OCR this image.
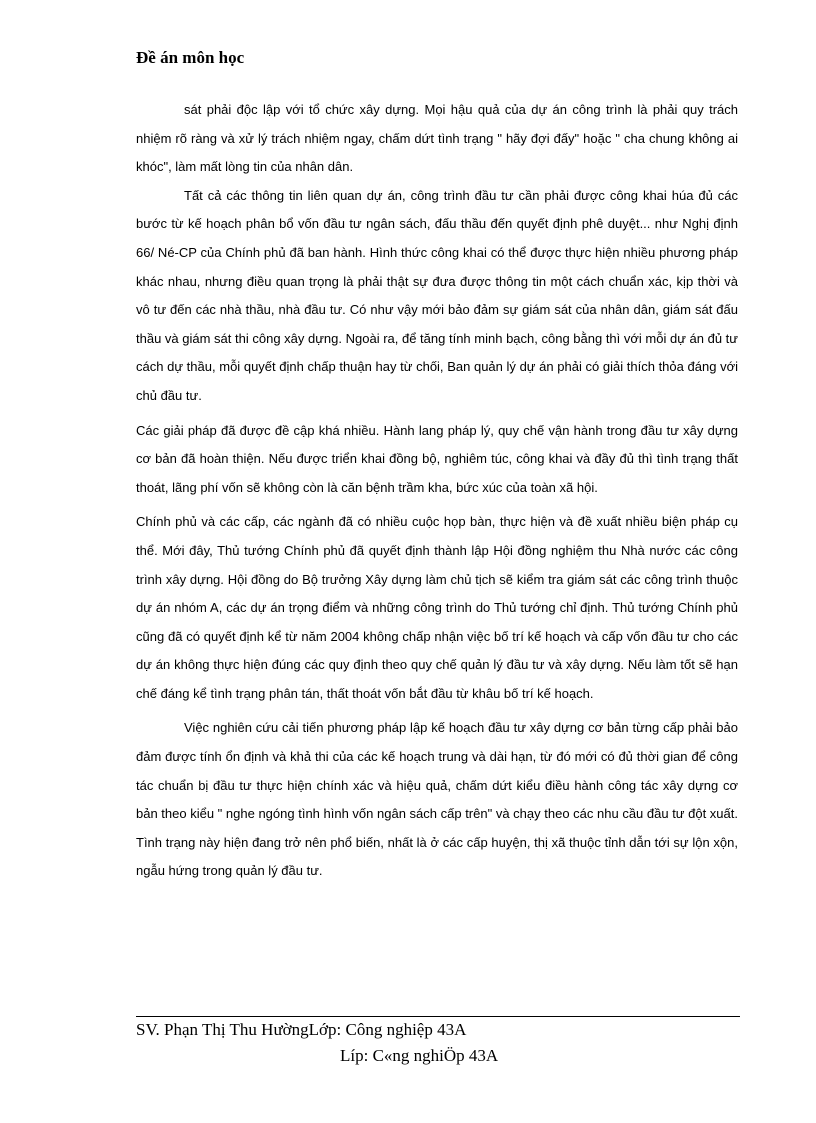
Đề án môn học

sát phải độc lập với tổ chức xây dựng. Mọi hậu quả của dự án công trình là phải quy trách nhiệm rõ ràng và xử lý trách nhiệm ngay, chấm dứt tình trạng " hãy đợi đấy" hoặc " cha chung không ai khóc", làm mất lòng tin của nhân dân.

Tất cả các thông tin liên quan dự án, công trình đầu tư cần phải được công khai húa đủ các bước từ kế hoạch phân bổ vốn đầu tư ngân sách, đấu thầu đến quyết định phê duyệt... như Nghị định 66/ Né-CP của Chính phủ đã ban hành. Hình thức công khai có thể được thực hiện nhiều phương pháp khác nhau, nhưng điều quan trọng là phải thật sự đưa được thông tin một cách chuẩn xác, kịp thời và vô tư đến các nhà thầu, nhà đầu tư. Có như vậy mới bảo đảm sự giám sát của nhân dân, giám sát đấu thầu và giám sát thi công xây dựng. Ngoài ra, để tăng tính minh bạch, công bằng thì với mỗi dự án đủ tư cách dự thầu, mỗi quyết định chấp thuận hay từ chối, Ban quản lý dự án phải có giải thích thỏa đáng với chủ đầu tư.

Các giải pháp đã được đề cập khá nhiều. Hành lang pháp lý, quy chế vận hành trong đầu tư xây dựng cơ bản đã hoàn thiện. Nếu được triển khai đồng bộ, nghiêm túc, công khai và đầy đủ thì tình trạng thất thoát, lãng phí vốn sẽ không còn là căn bệnh trầm kha, bức xúc của toàn xã hội.

Chính phủ và các cấp, các ngành đã có nhiều cuộc họp bàn, thực hiện và đề xuất nhiều biện pháp cụ thể. Mới đây, Thủ tướng Chính phủ đã quyết định thành lập Hội đồng nghiệm thu Nhà nước các công trình xây dựng. Hội đồng do Bộ trưởng Xây dựng làm chủ tịch sẽ kiểm tra giám sát các công trình thuộc dự án nhóm A, các dự án trọng điểm và những công trình do Thủ tướng chỉ định. Thủ tướng Chính phủ cũng đã có quyết định kể từ năm 2004 không chấp nhận việc bố trí kế hoạch và cấp vốn đầu tư cho các dự án không thực hiện đúng các quy định theo quy chế quản lý đầu tư và xây dựng. Nếu làm tốt sẽ hạn chế đáng kể tình trạng phân tán, thất thoát vốn bắt đầu từ khâu bố trí kế hoạch.

Việc nghiên cứu cải tiến phương pháp lập kế hoạch đầu tư xây dựng cơ bản từng cấp phải bảo đảm được tính ổn định và khả thi của các kế hoạch trung và dài hạn, từ đó mới có đủ thời gian để công tác chuẩn bị đầu tư thực hiện chính xác và hiệu quả, chấm dứt kiểu điều hành công tác xây dựng cơ bản theo kiểu " nghe ngóng tình hình vốn ngân sách cấp trên" và chạy theo các nhu cầu đầu tư đột xuất. Tình trạng này hiện đang trở nên phổ biến, nhất là ở các cấp huyện, thị xã thuộc tỉnh dẫn tới sự lộn xộn, ngẫu hứng trong quản lý đầu tư.

SV. Phạn Thị Thu HườngLớp: Công nghiệp 43A
Líp: C«ng nghiÖp 43A
